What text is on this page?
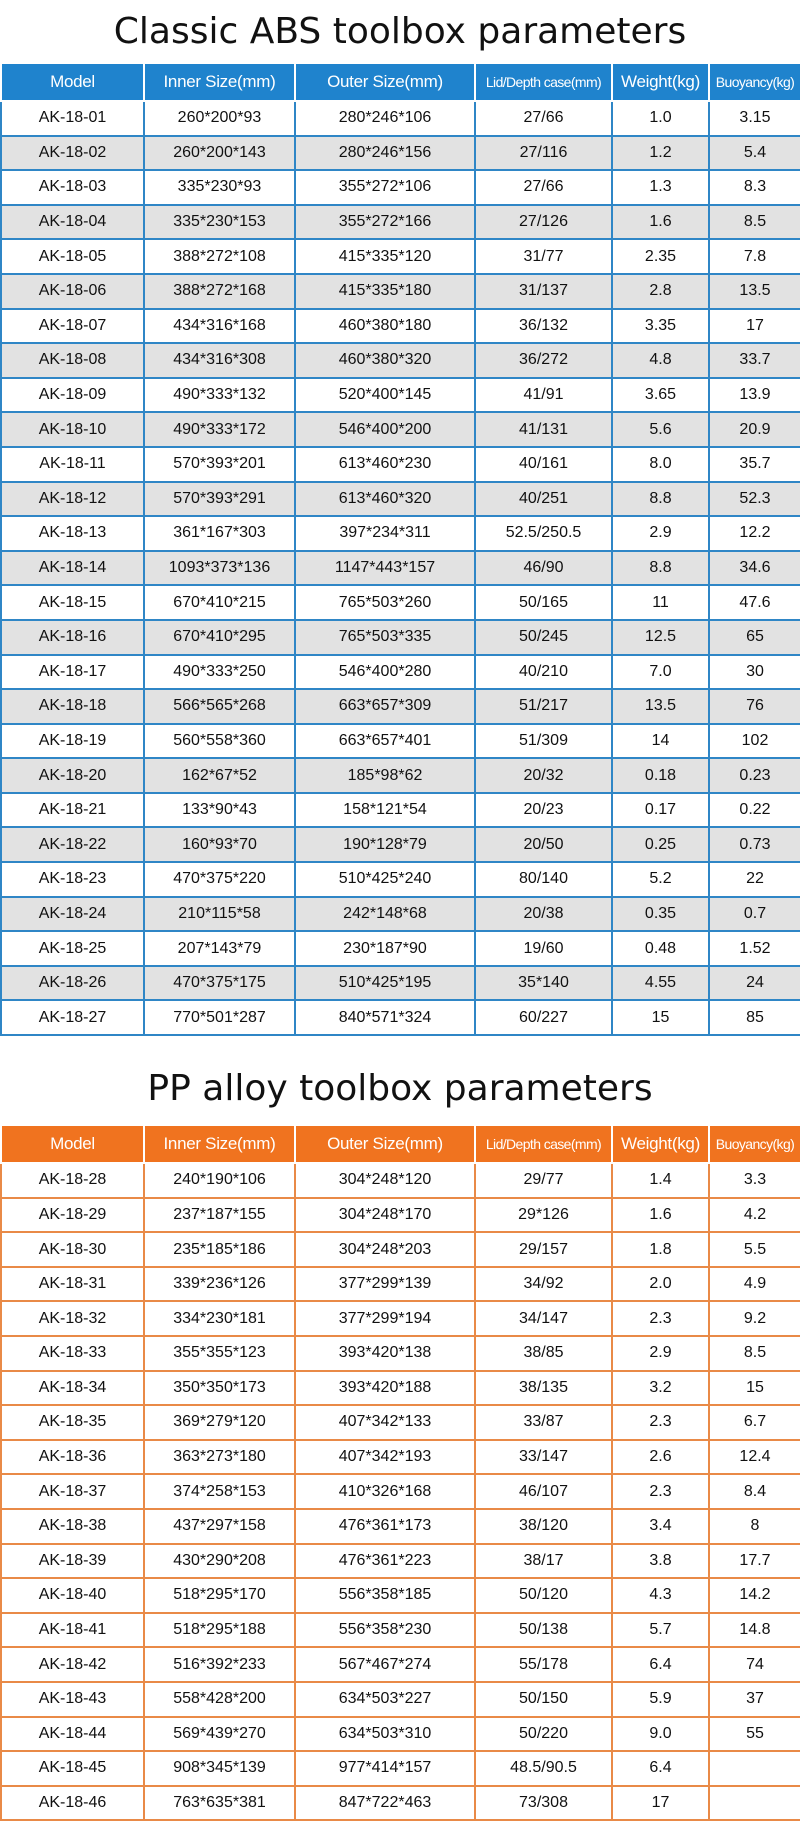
Classic ABS toolbox parameters
Model	Inner Size(mm)	Outer Size(mm)	Lid/Depth case(mm)	Weight(kg)	Buoyancy(kg)
AK-18-01	260*200*93	280*246*106	27/66	1.0	3.15
AK-18-02	260*200*143	280*246*156	27/116	1.2	5.4
AK-18-03	335*230*93	355*272*106	27/66	1.3	8.3
AK-18-04	335*230*153	355*272*166	27/126	1.6	8.5
AK-18-05	388*272*108	415*335*120	31/77	2.35	7.8
AK-18-06	388*272*168	415*335*180	31/137	2.8	13.5
AK-18-07	434*316*168	460*380*180	36/132	3.35	17
AK-18-08	434*316*308	460*380*320	36/272	4.8	33.7
AK-18-09	490*333*132	520*400*145	41/91	3.65	13.9
AK-18-10	490*333*172	546*400*200	41/131	5.6	20.9
AK-18-11	570*393*201	613*460*230	40/161	8.0	35.7
AK-18-12	570*393*291	613*460*320	40/251	8.8	52.3
AK-18-13	361*167*303	397*234*311	52.5/250.5	2.9	12.2
AK-18-14	1093*373*136	1147*443*157	46/90	8.8	34.6
AK-18-15	670*410*215	765*503*260	50/165	11	47.6
AK-18-16	670*410*295	765*503*335	50/245	12.5	65
AK-18-17	490*333*250	546*400*280	40/210	7.0	30
AK-18-18	566*565*268	663*657*309	51/217	13.5	76
AK-18-19	560*558*360	663*657*401	51/309	14	102
AK-18-20	162*67*52	185*98*62	20/32	0.18	0.23
AK-18-21	133*90*43	158*121*54	20/23	0.17	0.22
AK-18-22	160*93*70	190*128*79	20/50	0.25	0.73
AK-18-23	470*375*220	510*425*240	80/140	5.2	22
AK-18-24	210*115*58	242*148*68	20/38	0.35	0.7
AK-18-25	207*143*79	230*187*90	19/60	0.48	1.52
AK-18-26	470*375*175	510*425*195	35*140	4.55	24
AK-18-27	770*501*287	840*571*324	60/227	15	85
PP alloy toolbox parameters
Model	Inner Size(mm)	Outer Size(mm)	Lid/Depth case(mm)	Weight(kg)	Buoyancy(kg)
AK-18-28	240*190*106	304*248*120	29/77	1.4	3.3
AK-18-29	237*187*155	304*248*170	29*126	1.6	4.2
AK-18-30	235*185*186	304*248*203	29/157	1.8	5.5
AK-18-31	339*236*126	377*299*139	34/92	2.0	4.9
AK-18-32	334*230*181	377*299*194	34/147	2.3	9.2
AK-18-33	355*355*123	393*420*138	38/85	2.9	8.5
AK-18-34	350*350*173	393*420*188	38/135	3.2	15
AK-18-35	369*279*120	407*342*133	33/87	2.3	6.7
AK-18-36	363*273*180	407*342*193	33/147	2.6	12.4
AK-18-37	374*258*153	410*326*168	46/107	2.3	8.4
AK-18-38	437*297*158	476*361*173	38/120	3.4	8
AK-18-39	430*290*208	476*361*223	38/17	3.8	17.7
AK-18-40	518*295*170	556*358*185	50/120	4.3	14.2
AK-18-41	518*295*188	556*358*230	50/138	5.7	14.8
AK-18-42	516*392*233	567*467*274	55/178	6.4	74
AK-18-43	558*428*200	634*503*227	50/150	5.9	37
AK-18-44	569*439*270	634*503*310	50/220	9.0	55
AK-18-45	908*345*139	977*414*157	48.5/90.5	6.4	
AK-18-46	763*635*381	847*722*463	73/308	17	
